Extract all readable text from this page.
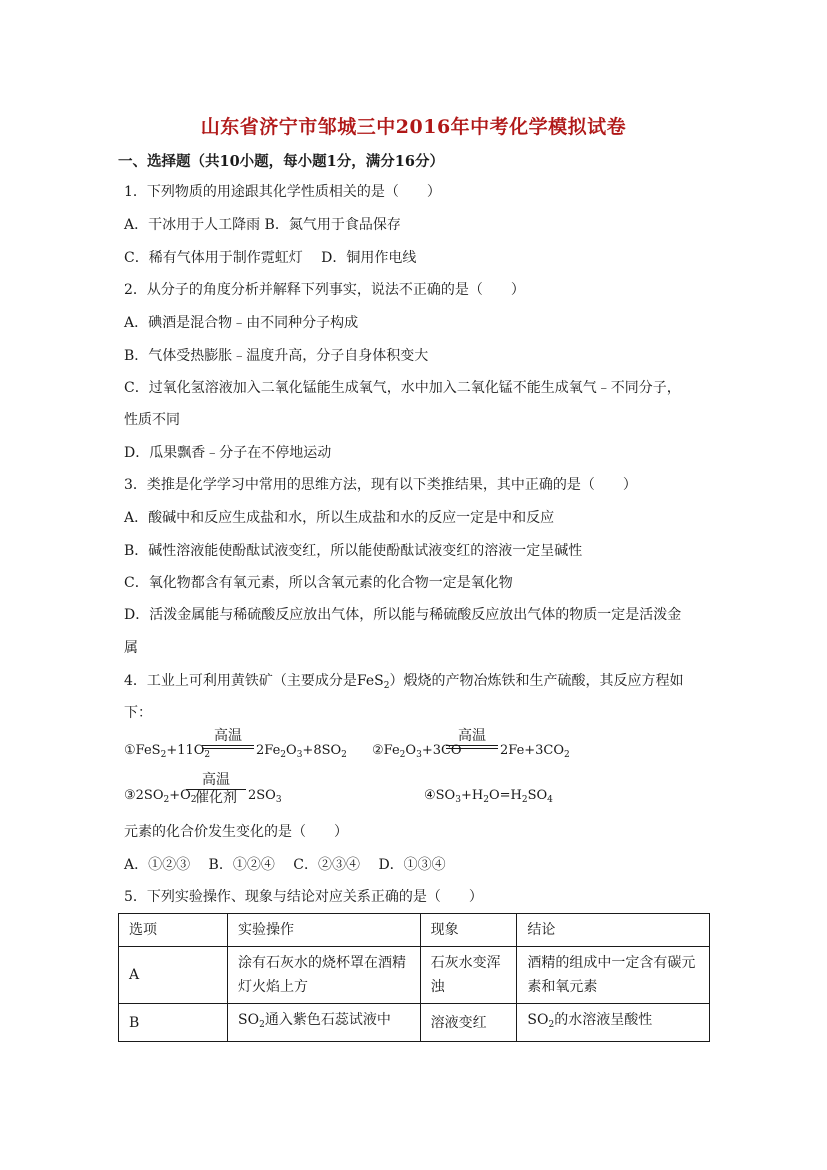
山东省济宁市邹城三中2016年中考化学模拟试卷
一、选择题（共10小题，每小题1分，满分16分）
1．下列物质的用途跟其化学性质相关的是（　　）
A．干冰用于人工降雨 B．氮气用于食品保存
C．稀有气体用于制作霓虹灯　 D．铜用作电线
2．从分子的角度分析并解释下列事实，说法不正确的是（　　）
A．碘酒是混合物﹣由不同种分子构成
B．气体受热膨胀﹣温度升高，分子自身体积变大
C．过氧化氢溶液加入二氧化锰能生成氧气，水中加入二氧化锰不能生成氧气﹣不同分子，
性质不同
D．瓜果飘香﹣分子在不停地运动
3．类推是化学学习中常用的思维方法，现有以下类推结果，其中正确的是（　　）
A．酸碱中和反应生成盐和水，所以生成盐和水的反应一定是中和反应
B．碱性溶液能使酚酞试液变红，所以能使酚酞试液变红的溶液一定呈碱性
C．氧化物都含有氧元素，所以含氧元素的化合物一定是氧化物
D．活泼金属能与稀硫酸反应放出气体，所以能与稀硫酸反应放出气体的物质一定是活泼金
属
4．工业上可利用黄铁矿（主要成分是FeS$_2$）煅烧的产物冶炼铁和生产硫酸，其反应方程如
下：
$①FeS_2+11O_2$
高温
$2Fe_2O_3+8SO_2$ $②Fe_2O_3+3CO$
高温
$2Fe+3CO_2$
$③2SO_2+O_2$
高温
催化剂 $2SO_3$	$④SO_3+H_2O=H_2SO_4$
元素的化合价发生变化的是（　　）
A．①②③　 B．①②④　 C．②③④　 D．①③④
5．下列实验操作、现象与结论对应关系正确的是（　　）
选项	实验操作	现象	结论
A	涂有石灰水的烧杯罩在酒精灯火焰上方	石灰水变浑浊	酒精的组成中一定含有碳元素和氧元素
B	$SO_2$通入紫色石蕊试液中	溶液变红	$SO_2$的水溶液呈酸性
